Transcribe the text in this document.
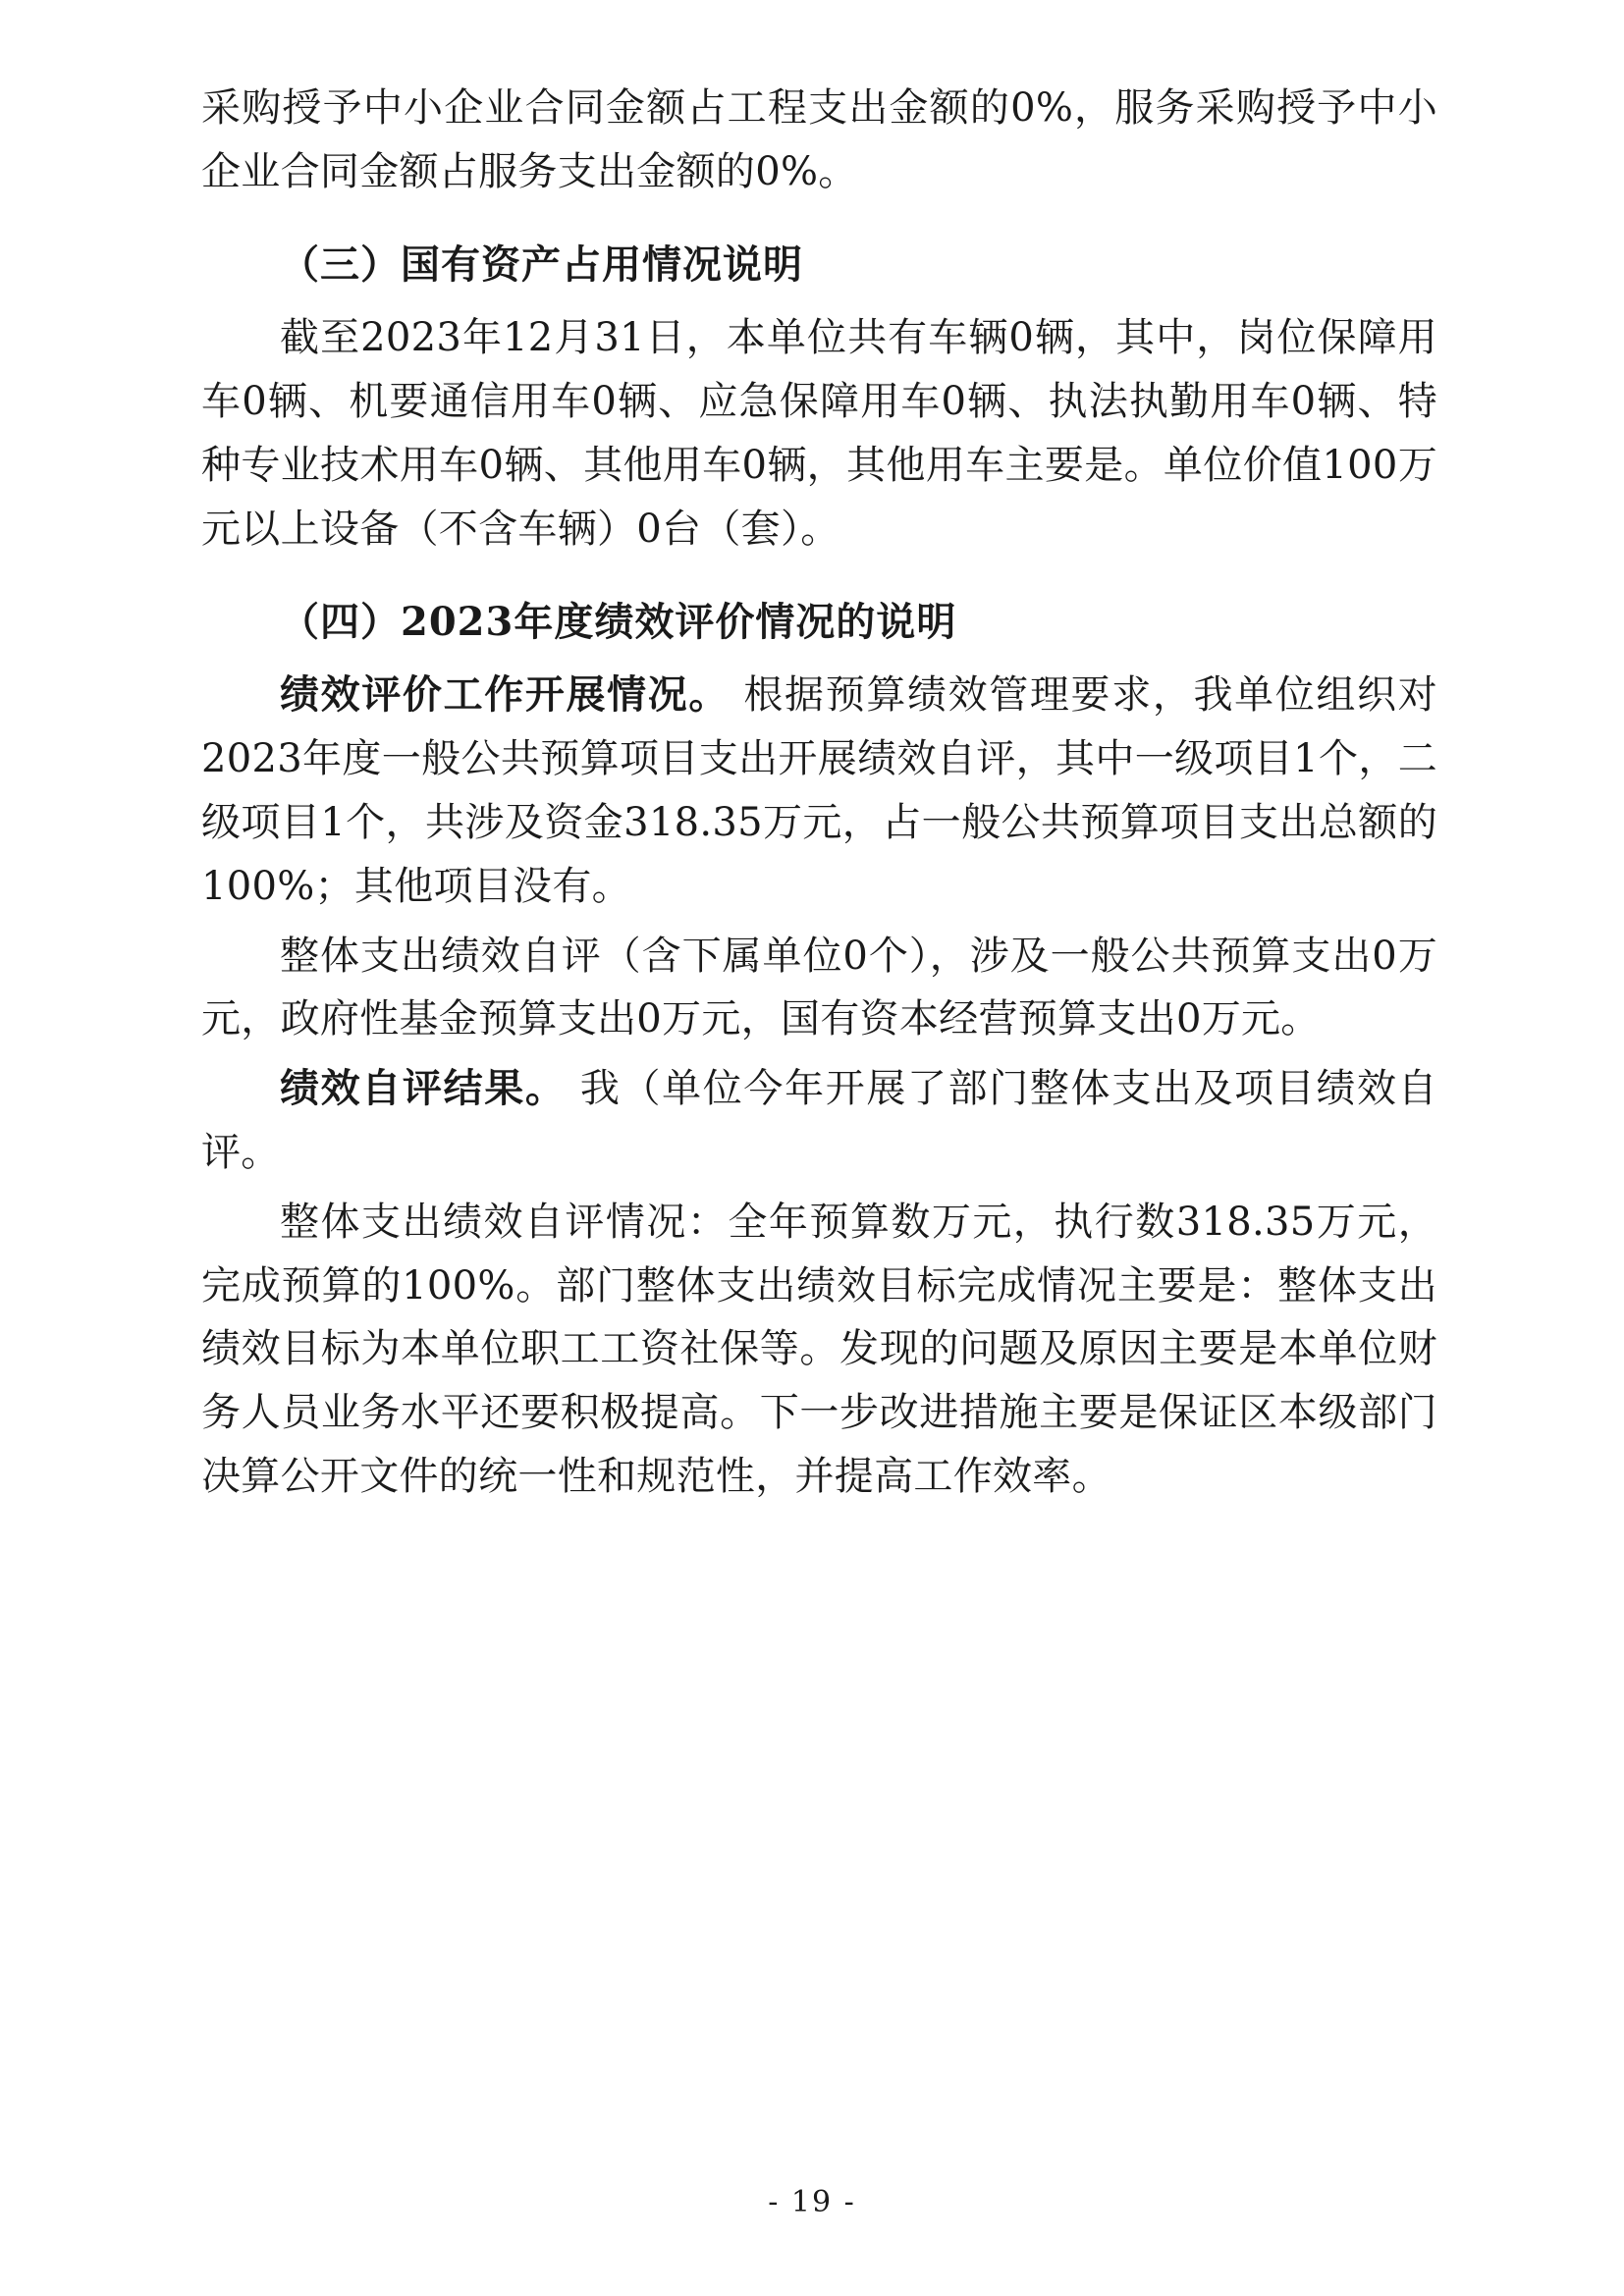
采购授予中小企业合同金额占工程支出金额的0%，服务采购授予中小企业合同金额占服务支出金额的0%。

（三）国有资产占用情况说明

截至2023年12月31日，本单位共有车辆0辆，其中，岗位保障用车0辆、机要通信用车0辆、应急保障用车0辆、执法执勤用车0辆、特种专业技术用车0辆、其他用车0辆，其他用车主要是。单位价值100万元以上设备（不含车辆）0台（套）。

（四）2023年度绩效评价情况的说明

绩效评价工作开展情况。 根据预算绩效管理要求，我单位组织对2023年度一般公共预算项目支出开展绩效自评，其中一级项目1个，二级项目1个，共涉及资金318.35万元，占一般公共预算项目支出总额的100%；其他项目没有。

整体支出绩效自评（含下属单位0个），涉及一般公共预算支出0万元，政府性基金预算支出0万元，国有资本经营预算支出0万元。

绩效自评结果。 我（单位今年开展了部门整体支出及项目绩效自评。

整体支出绩效自评情况：全年预算数万元，执行数318.35万元，完成预算的100%。部门整体支出绩效目标完成情况主要是：整体支出绩效目标为本单位职工工资社保等。发现的问题及原因主要是本单位财务人员业务水平还要积极提高。下一步改进措施主要是保证区本级部门决算公开文件的统一性和规范性，并提高工作效率。

- 19 -
